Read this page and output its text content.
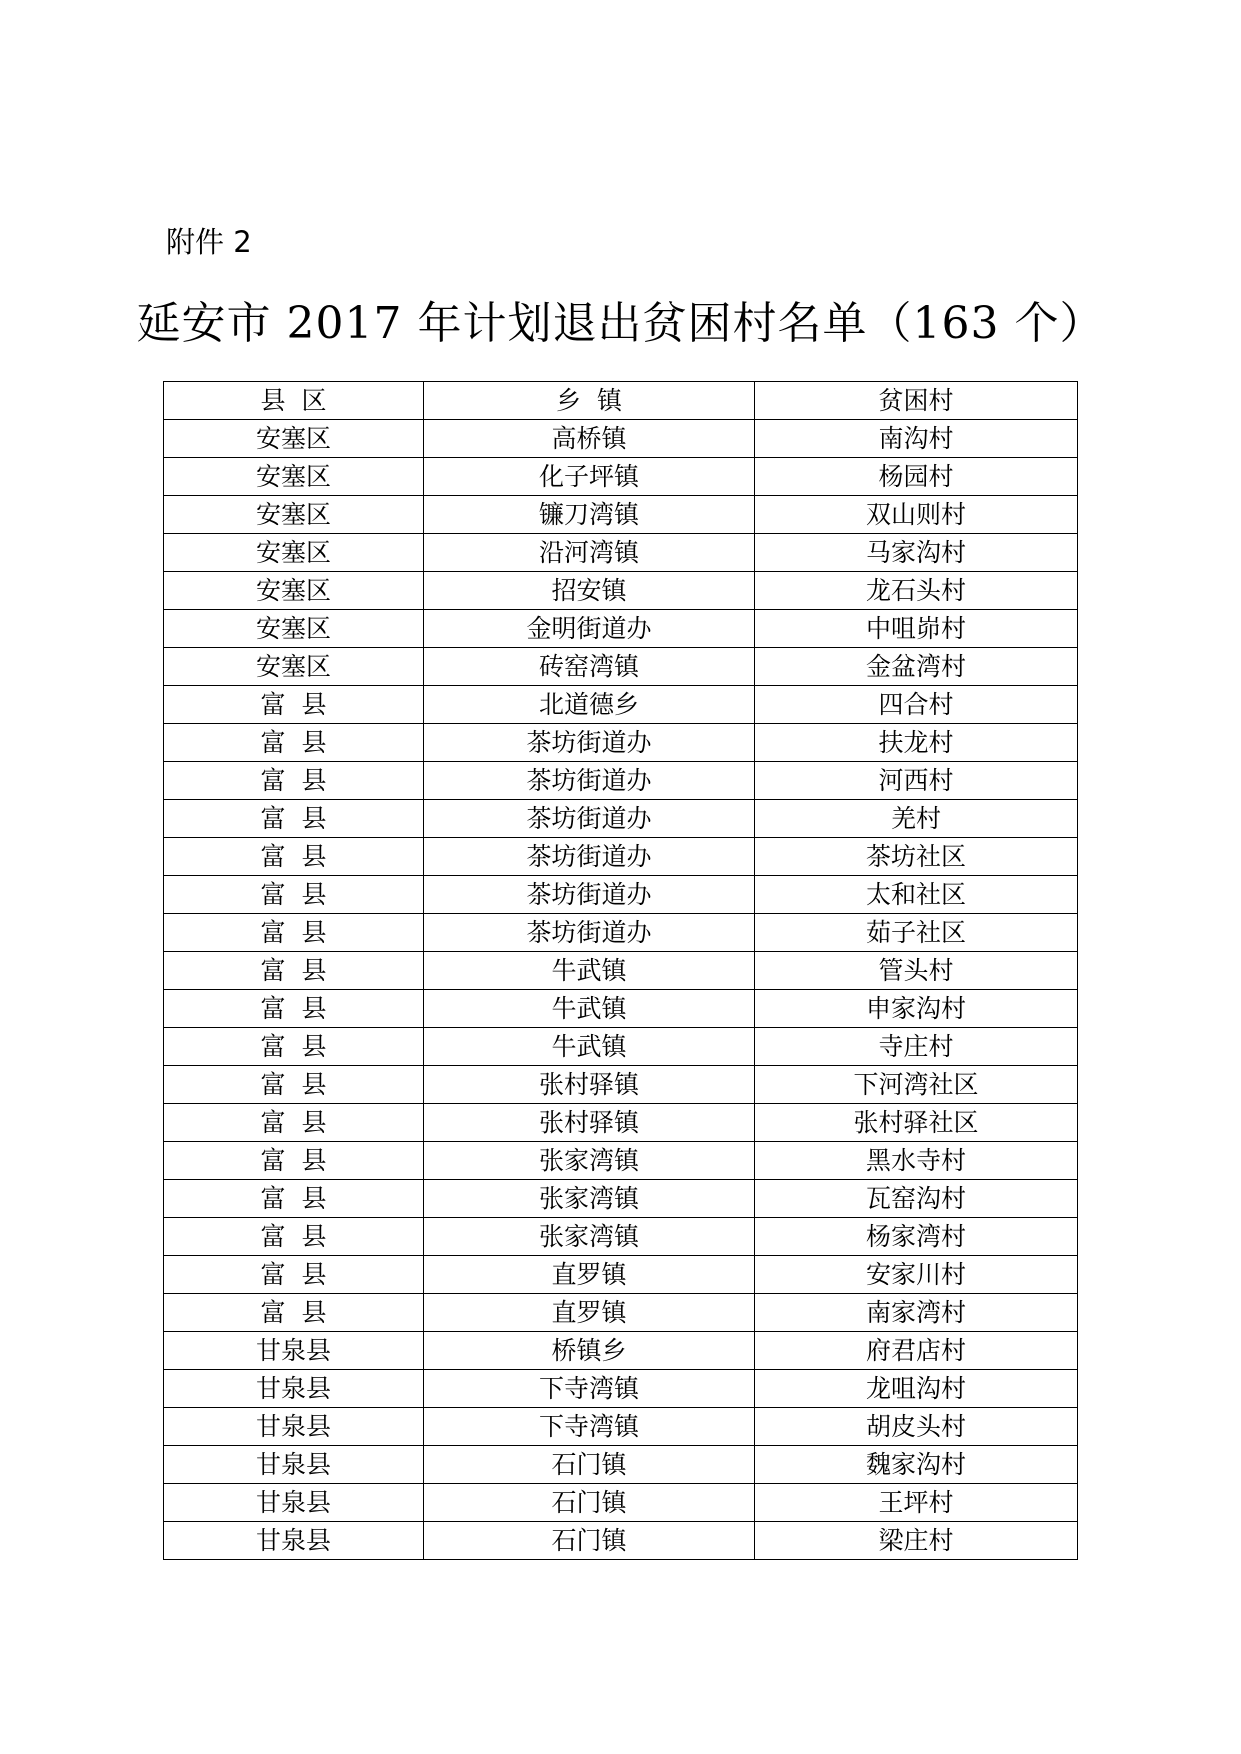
附件 2
延安市 2017 年计划退出贫困村名单（163 个）
县  区	乡  镇	贫困村
安塞区	高桥镇	南沟村
安塞区	化子坪镇	杨园村
安塞区	镰刀湾镇	双山则村
安塞区	沿河湾镇	马家沟村
安塞区	招安镇	龙石头村
安塞区	金明街道办	中咀峁村
安塞区	砖窑湾镇	金盆湾村
富  县	北道德乡	四合村
富  县	茶坊街道办	扶龙村
富  县	茶坊街道办	河西村
富  县	茶坊街道办	羌村
富  县	茶坊街道办	茶坊社区
富  县	茶坊街道办	太和社区
富  县	茶坊街道办	茹子社区
富  县	牛武镇	管头村
富  县	牛武镇	申家沟村
富  县	牛武镇	寺庄村
富  县	张村驿镇	下河湾社区
富  县	张村驿镇	张村驿社区
富  县	张家湾镇	黑水寺村
富  县	张家湾镇	瓦窑沟村
富  县	张家湾镇	杨家湾村
富  县	直罗镇	安家川村
富  县	直罗镇	南家湾村
甘泉县	桥镇乡	府君店村
甘泉县	下寺湾镇	龙咀沟村
甘泉县	下寺湾镇	胡皮头村
甘泉县	石门镇	魏家沟村
甘泉县	石门镇	王坪村
甘泉县	石门镇	梁庄村
